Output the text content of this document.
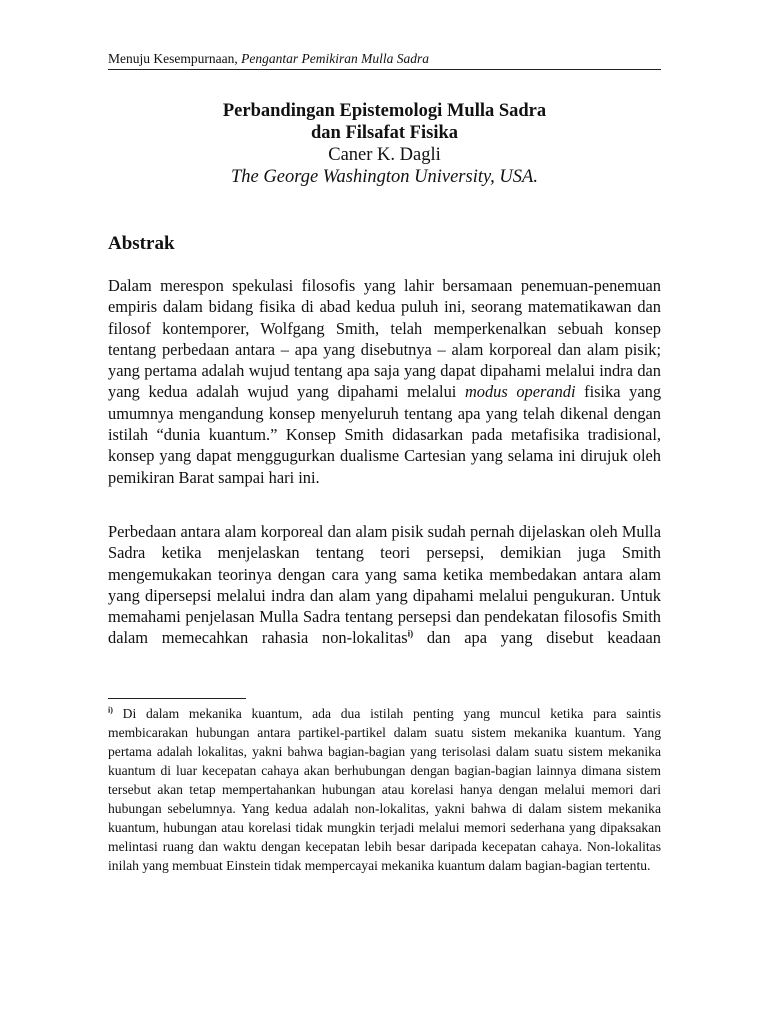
Menuju Kesempurnaan, Pengantar Pemikiran Mulla Sadra
Perbandingan Epistemologi Mulla Sadra
dan Filsafat Fisika
Caner K. Dagli
The George Washington University, USA.
Abstrak
Dalam merespon spekulasi filosofis yang lahir bersamaan penemuan-penemuan empiris dalam bidang fisika di abad kedua puluh ini, seorang matematikawan dan filosof kontemporer, Wolfgang Smith, telah memperkenalkan sebuah konsep tentang perbedaan antara – apa yang disebutnya – alam korporeal dan alam pisik; yang pertama adalah wujud tentang apa saja yang dapat dipahami melalui indra dan yang kedua adalah wujud yang dipahami melalui modus operandi fisika yang umumnya mengandung konsep menyeluruh tentang apa yang telah dikenal dengan istilah “dunia kuantum.” Konsep Smith didasarkan pada metafisika tradisional, konsep yang dapat menggugurkan dualisme Cartesian yang selama ini dirujuk oleh pemikiran Barat sampai hari ini.
Perbedaan antara alam korporeal dan alam pisik sudah pernah dijelaskan oleh Mulla Sadra ketika menjelaskan tentang teori persepsi, demikian juga Smith mengemukakan teorinya dengan cara yang sama ketika membedakan antara alam yang dipersepsi melalui indra dan alam yang dipahami melalui pengukuran. Untuk memahami penjelasan Mulla Sadra tentang persepsi dan pendekatan filosofis Smith dalam memecahkan rahasia non-lokalitas$^{i)}$ dan apa yang disebut keadaan
$^{i)}$ Di dalam mekanika kuantum, ada dua istilah penting yang muncul ketika para saintis membicarakan hubungan antara partikel-partikel dalam suatu sistem mekanika kuantum. Yang pertama adalah lokalitas, yakni bahwa bagian-bagian yang terisolasi dalam suatu sistem mekanika kuantum di luar kecepatan cahaya akan berhubungan dengan bagian-bagian lainnya dimana sistem tersebut akan tetap mempertahankan hubungan atau korelasi hanya dengan melalui memori dari hubungan sebelumnya. Yang kedua adalah non-lokalitas, yakni bahwa di dalam sistem mekanika kuantum, hubungan atau korelasi tidak mungkin terjadi melalui memori sederhana yang dipaksakan melintasi ruang dan waktu dengan kecepatan lebih besar daripada kecepatan cahaya. Non-lokalitas inilah yang membuat Einstein tidak mempercayai mekanika kuantum dalam bagian-bagian tertentu.
